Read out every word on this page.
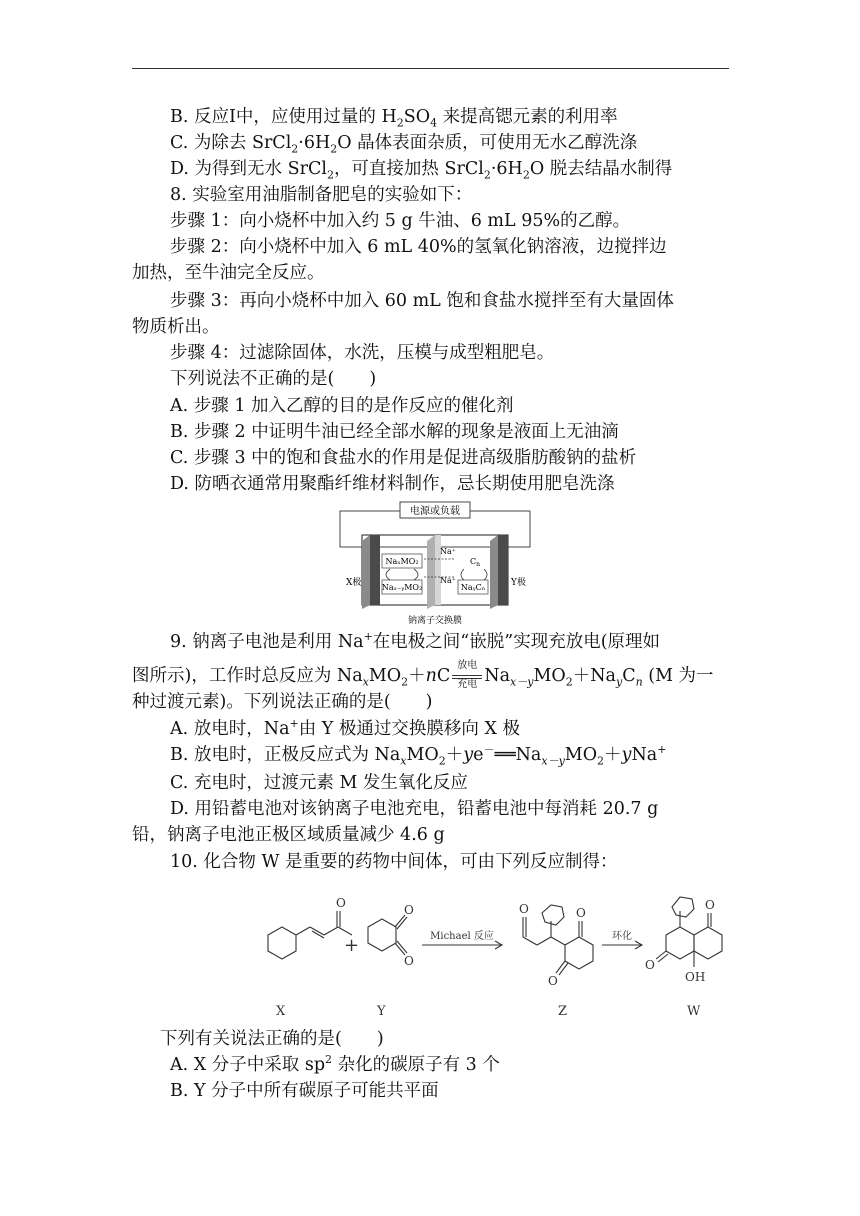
B. 反应Ⅰ中，应使用过量的 $H_2SO_4$ 来提高锶元素的利用率
C. 为除去 $SrCl_2\cdot 6H_2O$ 晶体表面杂质，可使用无水乙醇洗涤
D. 为得到无水 SrCl$_2$，可直接加热 $SrCl_2\cdot 6H_2O$ 脱去结晶水制得
8. 实验室用油脂制备肥皂的实验如下：
步骤 1：向小烧杯中加入约 5 g 牛油、6 mL 95%的乙醇。
步骤 2：向小烧杯中加入 6 mL 40%的氢氧化钠溶液，边搅拌边
加热，至牛油完全反应。
步骤 3：再向小烧杯中加入 60 mL 饱和食盐水搅拌至有大量固体
物质析出。
步骤 4：过滤除固体，水洗，压模与成型粗肥皂。
下列说法不正确的是(　　)
A. 步骤 1 加入乙醇的目的是作反应的催化剂
B. 步骤 2 中证明牛油已经全部水解的现象是液面上无油滴
C. 步骤 3 中的饱和食盐水的作用是促进高级脂肪酸钠的盐析
D. 防晒衣通常用聚酯纤维材料制作，忌长期使用肥皂洗涤
电源或负载
NaₓMO₂
Naₓ₋ᵧMO₂
$C_n$
NaᵧCₙ
Na⁺
Na⁺
X极	Y极
钠离子交换膜
9. 钠离子电池是利用 Na+在电极之间“嵌脱”实现充放电(原理如
图所示)，工作时总反应为 $Na_xMO_2+nC$
放电
充电 $Na_{x-y}MO_2+Na_yC_n$ (M 为一
种过渡元素)。下列说法正确的是(　　)
A. 放电时，Na+由 Y 极通过交换膜移向 X 极
B. 放电时，正极反应式为 $Na_xMO_2+ye^-══Na_{x-y}MO_2+yNa^+$
C. 充电时，过渡元素 M 发生氧化反应
D. 用铅蓄电池对该钠离子电池充电，铅蓄电池中每消耗 20.7 g
铅，钠离子电池正极区域质量减少 4.6 g
10. 化合物 W 是重要的药物中间体，可由下列反应制得：
O	O
O
O	O
O
O
O
OH
+	Michael 反应	环化
X	Y	Z	W
下列有关说法正确的是(　　)
A. X 分子中采取 $sp^2$ 杂化的碳原子有 3 个
B. Y 分子中所有碳原子可能共平面
